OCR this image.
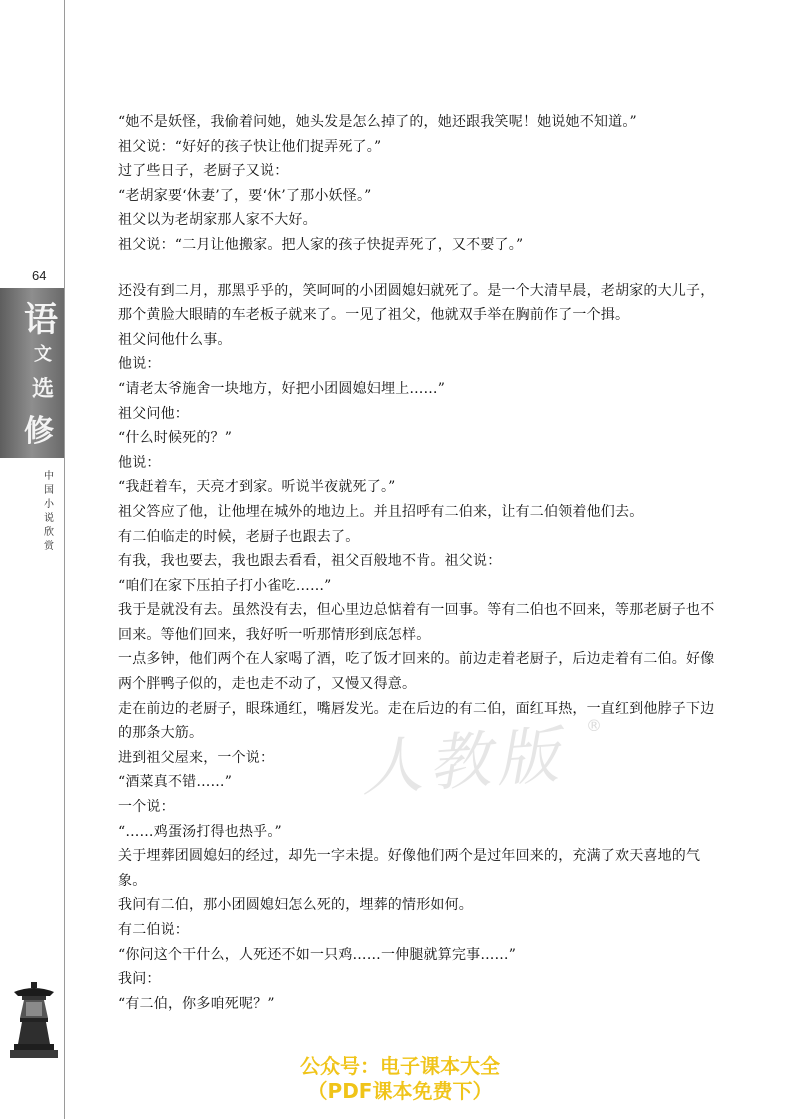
64
语
文
选
修
中国小说欣赏
人教版 ®

“她不是妖怪，我偷着问她，她头发是怎么掉了的，她还跟我笑呢！她说她不知道。”

祖父说：“好好的孩子快让他们捉弄死了。”

过了些日子，老厨子又说：

“老胡家要‘休妻’了，要‘休’了那小妖怪。”

祖父以为老胡家那人家不大好。

祖父说：“二月让他搬家。把人家的孩子快捉弄死了，又不要了。”

还没有到二月，那黑乎乎的，笑呵呵的小团圆媳妇就死了。是一个大清早晨，老胡家的大儿子，那个黄脸大眼睛的车老板子就来了。一见了祖父，他就双手举在胸前作了一个揖。

祖父问他什么事。

他说：

“请老太爷施舍一块地方，好把小团圆媳妇埋上……”

祖父问他：

“什么时候死的？”

他说：

“我赶着车，天亮才到家。听说半夜就死了。”

祖父答应了他，让他埋在城外的地边上。并且招呼有二伯来，让有二伯领着他们去。

有二伯临走的时候，老厨子也跟去了。

有我，我也要去，我也跟去看看，祖父百般地不肯。祖父说：

“咱们在家下压拍子打小雀吃……”

我于是就没有去。虽然没有去，但心里边总惦着有一回事。等有二伯也不回来，等那老厨子也不回来。等他们回来，我好听一听那情形到底怎样。

一点多钟，他们两个在人家喝了酒，吃了饭才回来的。前边走着老厨子，后边走着有二伯。好像两个胖鸭子似的，走也走不动了，又慢又得意。

走在前边的老厨子，眼珠通红，嘴唇发光。走在后边的有二伯，面红耳热，一直红到他脖子下边的那条大筋。

进到祖父屋来，一个说：

“酒菜真不错……”

一个说：

“……鸡蛋汤打得也热乎。”

关于埋葬团圆媳妇的经过，却先一字未提。好像他们两个是过年回来的，充满了欢天喜地的气象。

我问有二伯，那小团圆媳妇怎么死的，埋葬的情形如何。

有二伯说：

“你问这个干什么，人死还不如一只鸡……一伸腿就算完事……”

我问：

“有二伯，你多咱死呢？”

公众号：电子课本大全
（PDF课本免费下）
